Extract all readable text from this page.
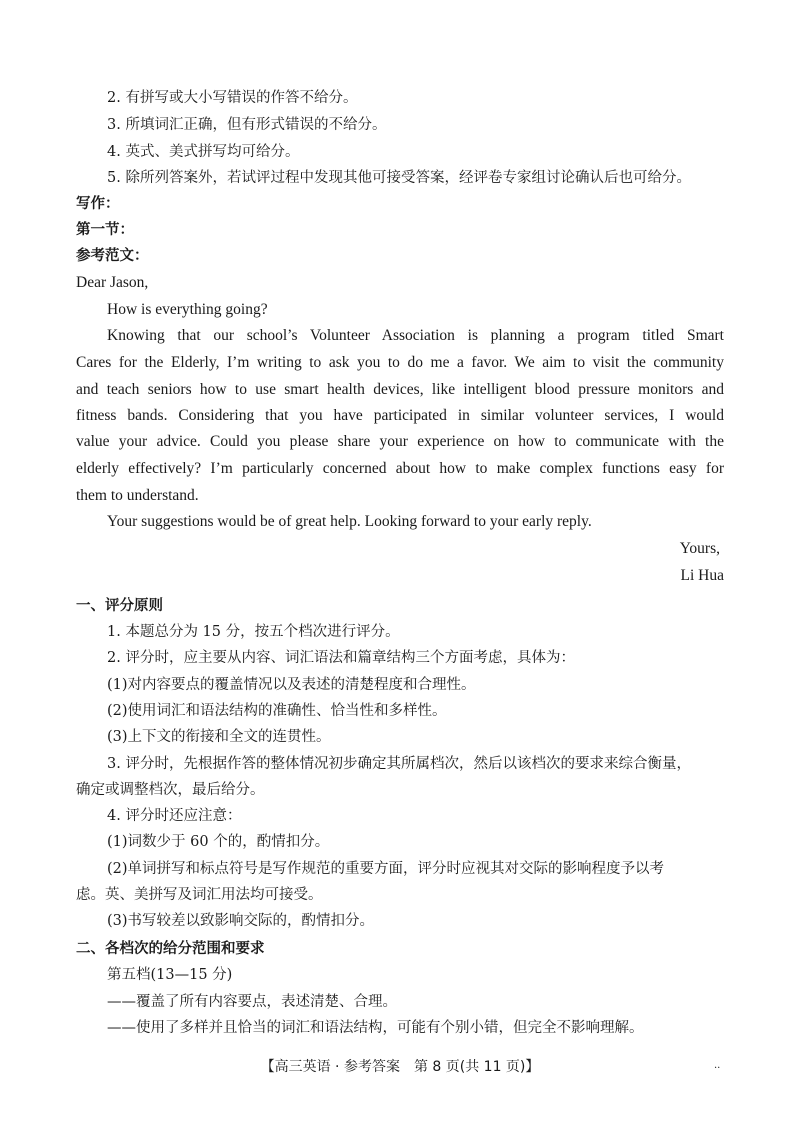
2. 有拼写或大小写错误的作答不给分。
3. 所填词汇正确，但有形式错误的不给分。
4. 英式、美式拼写均可给分。
5. 除所列答案外，若试评过程中发现其他可接受答案，经评卷专家组讨论确认后也可给分。
写作：
第一节：
参考范文：
Dear Jason,
How is everything going?
Knowing that our school’s Volunteer Association is planning a program titled Smart
Cares for the Elderly, I’m writing to ask you to do me a favor. We aim to visit the community
and teach seniors how to use smart health devices, like intelligent blood pressure monitors and
fitness bands. Considering that you have participated in similar volunteer services, I would
value your advice. Could you please share your experience on how to communicate with the
elderly effectively? I’m particularly concerned about how to make complex functions easy for
them to understand.
Your suggestions would be of great help. Looking forward to your early reply.
Yours,
Li Hua
一、评分原则
1. 本题总分为 15 分，按五个档次进行评分。
2. 评分时，应主要从内容、词汇语法和篇章结构三个方面考虑，具体为：
(1)对内容要点的覆盖情况以及表述的清楚程度和合理性。
(2)使用词汇和语法结构的准确性、恰当性和多样性。
(3)上下文的衔接和全文的连贯性。
3. 评分时，先根据作答的整体情况初步确定其所属档次，然后以该档次的要求来综合衡量，
确定或调整档次，最后给分。
4. 评分时还应注意：
(1)词数少于 60 个的，酌情扣分。
(2)单词拼写和标点符号是写作规范的重要方面，评分时应视其对交际的影响程度予以考
虑。英、美拼写及词汇用法均可接受。
(3)书写较差以致影响交际的，酌情扣分。
二、各档次的给分范围和要求
第五档(13—15 分)
——覆盖了所有内容要点，表述清楚、合理。
——使用了多样并且恰当的词汇和语法结构，可能有个别小错，但完全不影响理解。
【高三英语 · 参考答案　第 8 页(共 11 页)】	..
